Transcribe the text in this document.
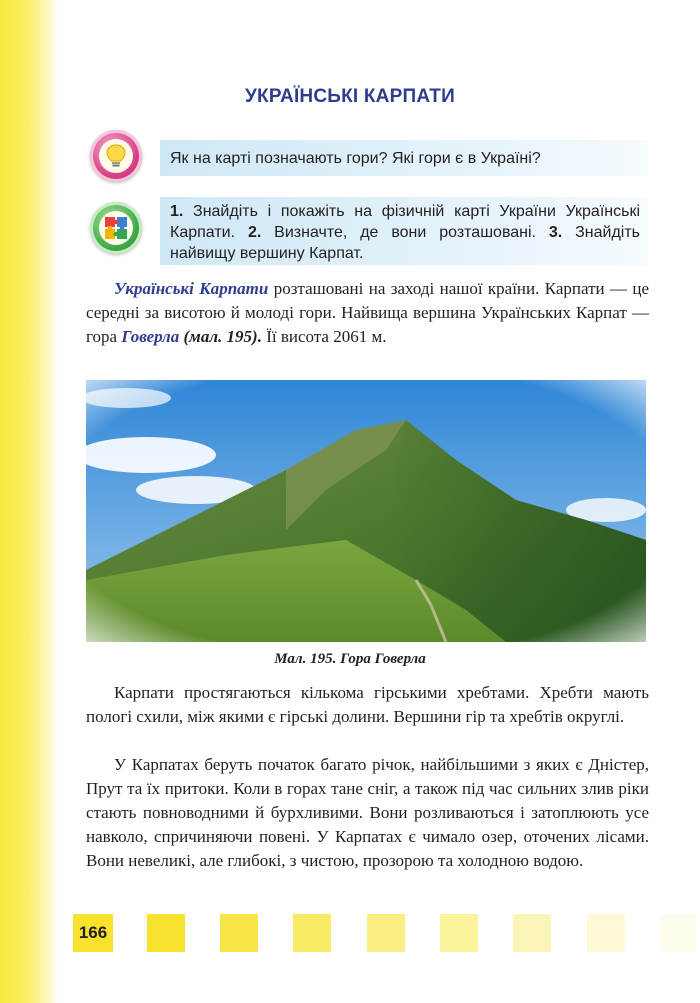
УКРАЇНСЬКІ КАРПАТИ
Як на карті позначають гори? Які гори є в Україні?
1. Знайдіть і покажіть на фізичній карті України Українські Карпати. 2. Визначте, де вони розташовані. 3. Знайдіть найвищу вершину Карпат.

Українські Карпати розташовані на заході нашої країни. Карпати — це середні за висотою й молоді гори. Найвища вершина Українських Карпат — гора Говерла (мал. 195). Її висота 2061 м.

Мал. 195. Гора Говерла

Карпати простягаються кількома гірськими хребтами. Хребти мають пологі схили, між якими є гірські долини. Вершини гір та хребтів округлі.

У Карпатах беруть початок багато річок, найбільшими з яких є Дністер, Прут та їх притоки. Коли в горах тане сніг, а також під час сильних злив ріки стають повноводними й бурхливими. Вони розливаються і затоплюють усе навколо, спричиняючи повені. У Карпатах є чимало озер, оточених лісами. Вони невеликі, але глибокі, з чистою, прозорою та холодною водою.

166
